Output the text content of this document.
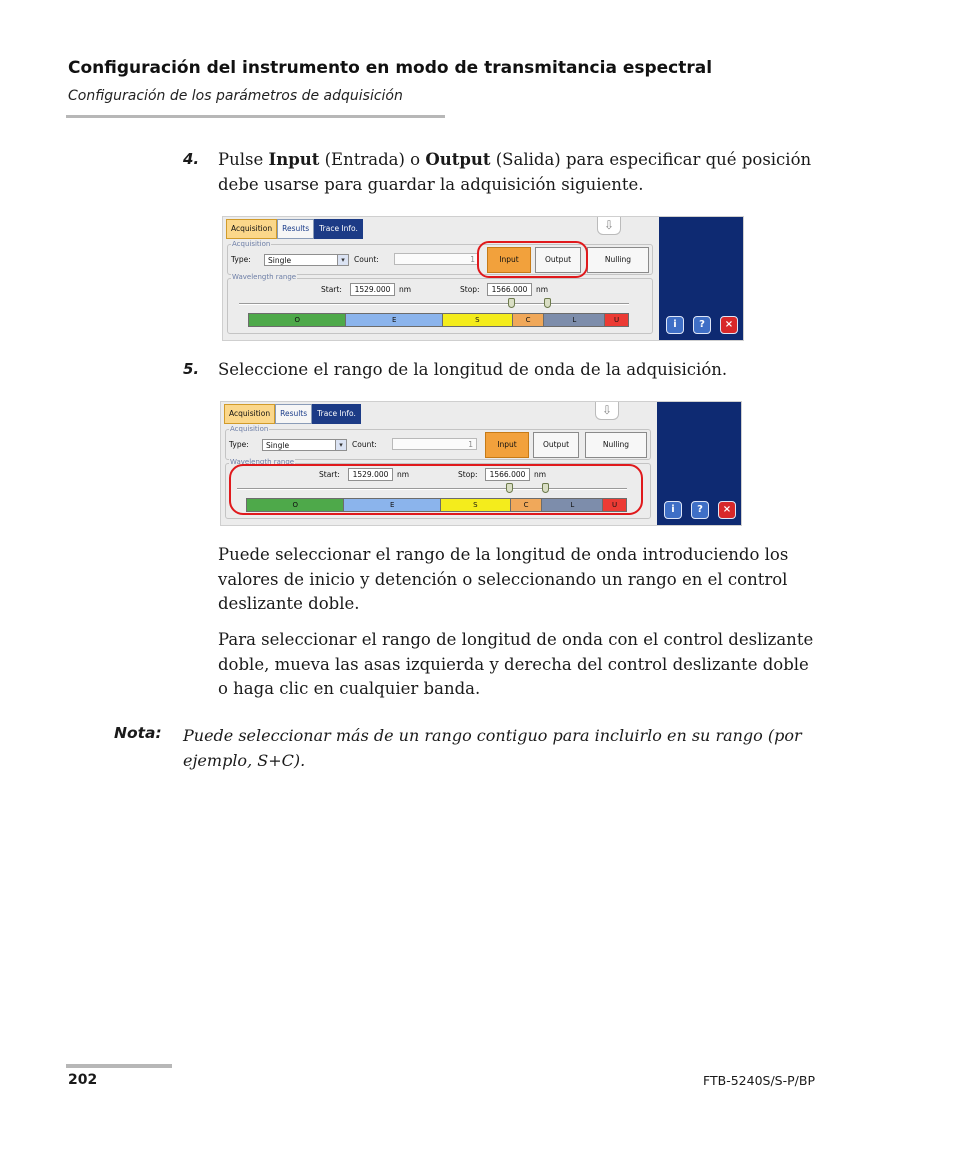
Configuración del instrumento en modo de transmitancia espectral
Configuración de los parámetros de adquisición
4. Pulse Input (Entrada) o Output (Salida) para especificar qué posición debe usarse para guardar la adquisición siguiente.
Acquisition	Results	Trace Info.	⇩
Acquisition
Type:	Single	▾	Count:	1	Input	Output	Nulling
Wavelength range
Start:	1529.000	nm	Stop:	1566.000	nm
O	E	S	C	L	U	i	?	×
5. Seleccione el rango de la longitud de onda de la adquisición.
Acquisition	Results	Trace Info.	⇩
Acquisition
Type:	Single	▾	Count:	1	Input	Output	Nulling
Wavelength range
Start:	1529.000	nm	Stop:	1566.000	nm
O	E	S	C	L	U	i	?	×
Puede seleccionar el rango de la longitud de onda introduciendo los valores de inicio y detención o seleccionando un rango en el control deslizante doble.
Para seleccionar el rango de longitud de onda con el control deslizante doble, mueva las asas izquierda y derecha del control deslizante doble o haga clic en cualquier banda.
Nota: Puede seleccionar más de un rango contiguo para incluirlo en su rango (por ejemplo, S+C).
202	FTB-5240S/S-P/BP
